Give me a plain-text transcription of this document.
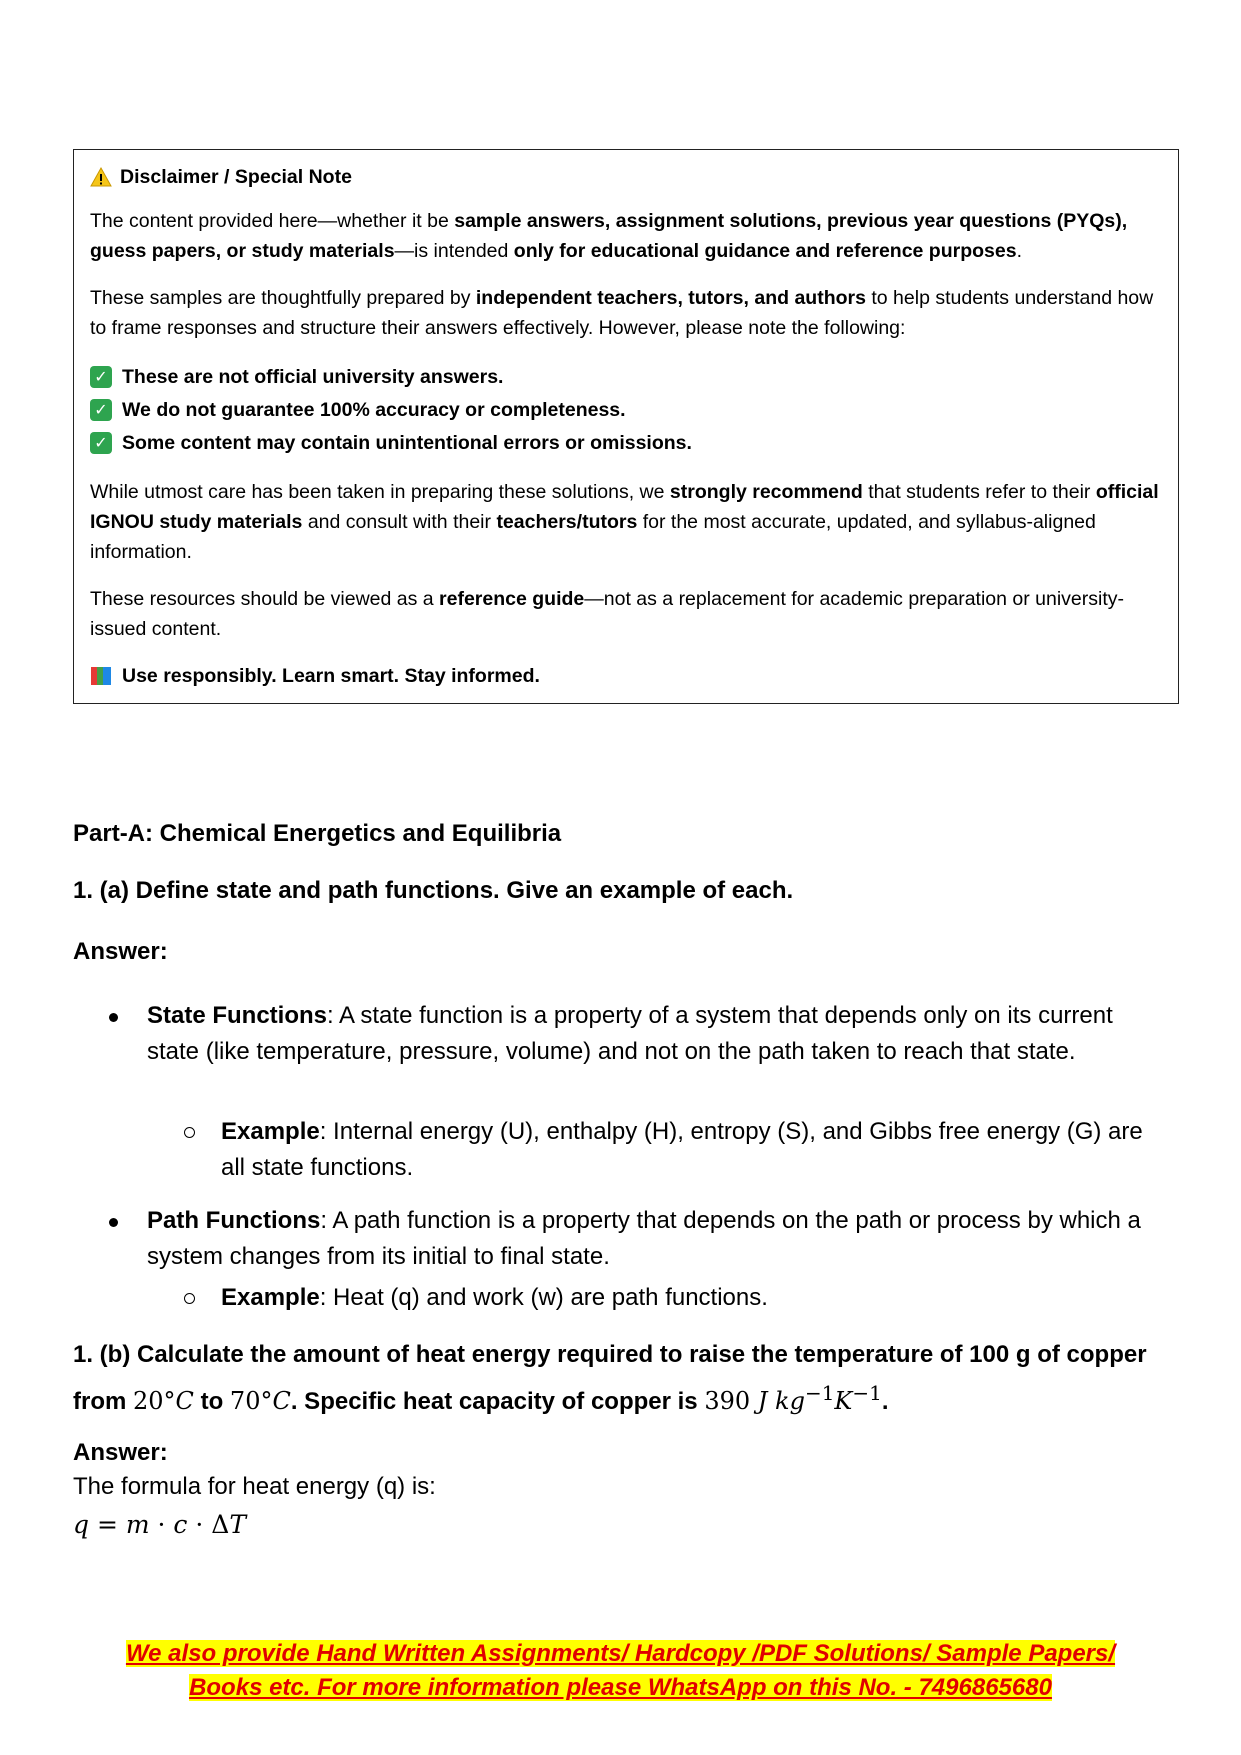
Disclaimer / Special Note

The content provided here—whether it be sample answers, assignment solutions, previous year questions (PYQs), guess papers, or study materials—is intended only for educational guidance and reference purposes.

These samples are thoughtfully prepared by independent teachers, tutors, and authors to help students understand how to frame responses and structure their answers effectively. However, please note the following:

✓ These are not official university answers.
✓ We do not guarantee 100% accuracy or completeness.
✓ Some content may contain unintentional errors or omissions.

While utmost care has been taken in preparing these solutions, we strongly recommend that students refer to their official IGNOU study materials and consult with their teachers/tutors for the most accurate, updated, and syllabus-aligned information.

These resources should be viewed as a reference guide—not as a replacement for academic preparation or university-issued content.

Use responsibly. Learn smart. Stay informed.

Part-A: Chemical Energetics and Equilibria
1. (a) Define state and path functions. Give an example of each.
Answer:
State Functions: A state function is a property of a system that depends only on its current state (like temperature, pressure, volume) and not on the path taken to reach that state.
Example: Internal energy (U), enthalpy (H), entropy (S), and Gibbs free energy (G) are all state functions.
Path Functions: A path function is a property that depends on the path or process by which a system changes from its initial to final state.
Example: Heat (q) and work (w) are path functions.
1. (b) Calculate the amount of heat energy required to raise the temperature of 100 g of copper from 20°C to 70°C. Specific heat capacity of copper is 390 J $kg^{-1}K^{-1}$.
Answer:
The formula for heat energy (q) is:
q = m · c · ΔT
We also provide Hand Written Assignments/ Hardcopy /PDF Solutions/ Sample Papers/
Books etc. For more information please WhatsApp on this No. - 7496865680
